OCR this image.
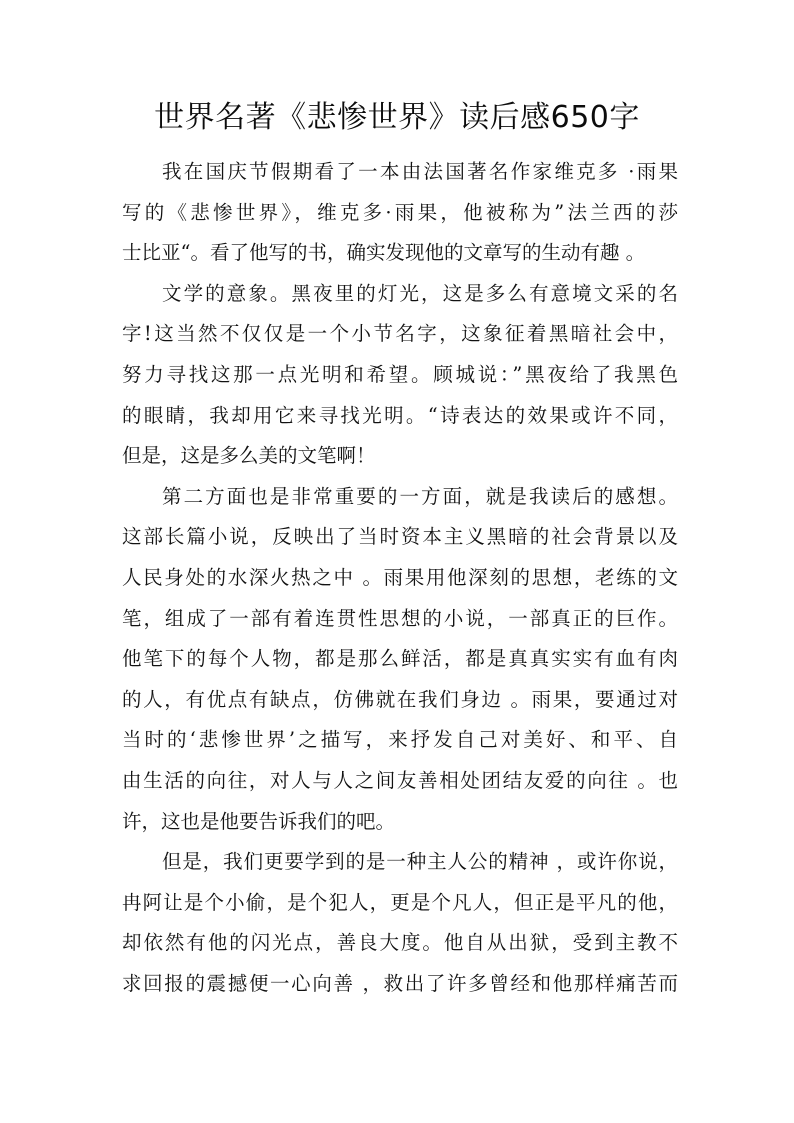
世界名著《悲惨世界》读后感650字
我在国庆节假期看了一本由法国著名作家维克多 ·雨果
写的《悲惨世界》，维克多·雨果，他被称为”法兰西的莎
士比亚“。看了他写的书，确实发现他的文章写的生动有趣 。
文学的意象。黑夜里的灯光，这是多么有意境文采的名
字!这当然不仅仅是一个小节名字，这象征着黑暗社会中，
努力寻找这那一点光明和希望。顾城说：”黑夜给了我黑色
的眼睛，我却用它来寻找光明。“诗表达的效果或许不同，
但是，这是多么美的文笔啊！
第二方面也是非常重要的一方面，就是我读后的感想。
这部长篇小说，反映出了当时资本主义黑暗的社会背景以及
人民身处的水深火热之中 。雨果用他深刻的思想，老练的文
笔，组成了一部有着连贯性思想的小说，一部真正的巨作。
他笔下的每个人物，都是那么鲜活，都是真真实实有血有肉
的人，有优点有缺点，仿佛就在我们身边 。雨果，要通过对
当时的‘悲惨世界’之描写，来抒发自己对美好、和平、自
由生活的向往，对人与人之间友善相处团结友爱的向往 。也
许，这也是他要告诉我们的吧。
但是，我们更要学到的是一种主人公的精神 ，或许你说，
冉阿让是个小偷，是个犯人，更是个凡人，但正是平凡的他，
却依然有他的闪光点，善良大度。他自从出狱，受到主教不
求回报的震撼便一心向善 ，救出了许多曾经和他那样痛苦而
